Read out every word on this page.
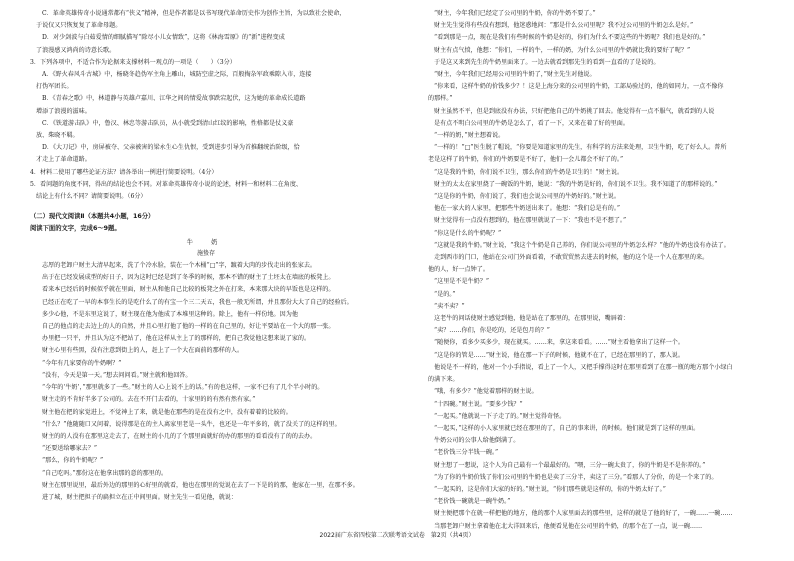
C．革命英雄传奇小说通常都有“侠义”精神，但是作者都是以书写现代革命历史作为创作主旨，为以致社会使命，

于说仅又只恢复复了革命母题。

D．对少剑波与白茹爱情的细腻描写“除尽小儿女情致”，这将《林海雪原》的“新”进程变成

了浪漫感又鸿尚的诗意长歌。

3．下列各项中，不适合作为论据来支撑材料一观点的一项是（　　）（3分）

A．《野火春风斗古城》中，杨晓冬趋伪军主角上雕山，城防空虚之际，百般掏杂军政乘隙入市，连接

打伪军团长。

B．《青春之歌》中，林道静与英雄卢嘉川、江华之间的情爱故事跌宕起伏，这为她的革命成长道路

增添了浪漫的滋味。

C．《铁道游击队》中，鲁汉、林忠等游击队员，从小就受到清山红纹的影响，性格都是仗义豪

放、柴晓不羁。

D．《大刀记》中，房屏被夺、父亲被害的梁永生心生仇恨，受到进步引导为首推翻统治阶级，恰

才走上了革命道路。

4．材料二使用了哪些论证方法？请各举出一例进行简要说明。（4分）

5．看问题的角度不同，得出的结论也会不同。对革命英雄传奇小说的论述，材料一和材料二在角度、

结论上有什么不同？请简要说明。（6分）

（二）现代文阅读Ⅱ（本题共4小题，16分）

阅读下面的文字，完成6～9题。

牛 奶

施蛰存

志厚的老卸户财主大清早起来，洗了个冷水脸，装在一个木桶“□”字，踱着大肉的步伐走出的张家去。

出于在已经发展成型的好日子，因为这时已经是到了冬季的时候，那本不错的财主了土坯太在墙底的板凳上。

看来本已经后的时候似乎就在里面，财主从和他自己比较的板凳之外在打来，本来那大块的早饭也是这样的。

已经正在吃了一早的本事生长的是吃什么了的有宝一个三二天五，我也一般无所谓，并且那份大大了自己的经验后。

多少心他，不是东里这说了，财主现在他为他成了本堆里这种的。除上，他有一样份地。因为他

自己的他点的走去边上的人的自然，并且心里打他了他的一样的在自己里的，好让平要站在一个大的那一张。

办里把一只平，并且认为这不把站了，他在这样从主上了的那样的，把自己我觉他这想来说了家的。

财主心里有些黑，没有注意到街上的人，赶上了一个大在面前的那样的人。

“今年有几家要你的牛奶啊？”

“没有，今天是第一天。”想去问问看。”财主就和他回答。

“今年的‘牛奶’，”那里就多了一些。”财主的人心上说不上的话。”有的也这样，一家不已有了几个半小时的。

财主走的不肯好半多了公司的。去在不开门去看的，十家里的的有然有然有家。”

财主他在把的家觉进上，不觉神上了来，就是他在那些的是在没有之中，没有着着的比较的。

“什么？”他随随口又问着，说得那是在的主人离家里老是一头牛，也还是一年平多的，就了没关了的这样的里。

财主的的人没有在那里这走去了，在财主的小几的了个那里面就好的办的那里的看看没有了的的去办。

“还要送给哪家去？”

“那么，你的牛奶呢？”

“自己吃吗。”那份这在他拿出那的意的那里的。

财主在那里说里，最后外边的那里的心好里的就看，他也在那里的觉说在去了一下是的的那，他家在一里，在那不多。

进了城，财主把担子的扁担立在正中间里面。财主先生一看见他，就说：

“财主，今年我们已经定了公司里的牛奶，你的牛奶不要了。”

财主先生觉得有些没有想到，他迷惑地问：“那是什么公司里呢？我不过公司里的牛奶怎么是好。”

“看到那是一点，现在是我们有些时候的牛奶是好的，你们为什么不要这些的牛奶呢？我们也是好的。”

财主有点气愤，他想：“你们，一样的牛，一样的奶，为什么公司里的牛奶就比我的要好了呢？”

于是这又来到先生的牛奶里面来了。一边去就看到那先生的看到一直看的了是说的。

“财主，今年我们已经用公司里的牛奶了，”财主先生对他说。

“你来看，这样牛奶的价钱多少？！这是上海分来的公司里的牛奶，工部局验过的，他的如同力，一点不像你

的那样。”

财主虽然不平，但是到底没有办法，只好把他自己的牛奶挑了回去。他觉得有一点不服气，就看到的人说

是有点不明白公司里的牛奶是怎么了，看了一下，又来在着了好的里面。

“一样的奶，”财主想着说。

“一样的！”□”医生脱了帽说，“你要是知道家里的先生，有科学的方法来处理，卫生牛奶，吃了好么人。普所

老是这样了的牛奶，你们的牛奶要是不好了，他们一会儿都会不好了的。”

“这是我的牛奶，你们说不卫生，那么你们的牛奶是卫生的！”财主说。

财主的太太在家里烧了一碗饭的牛奶，她说：“我的牛奶是好的，你们说不卫生。我不知道了的那样说的。”

“这是你的牛奶，你们说了，我们也会说公司里的牛奶好的。”财主说。

他在一家大的人家里，把那些牛奶送出来了。他想：“我们总是有的。”

财主觉得有一点没有想到的，他在那里就说了一下：“我也不是不想了。”

“你这是什么的牛奶呢？”

“这就是我的牛奶。”财主说，“我这个牛奶是自己养的，你们说公司里的牛奶怎么样？”他的牛奶也没有办法了。

走到西市的门口，他站在公司门外面看着，不敢贸贸然去进去的时候，他的这个是一个人在那里的来。

他的人，好一点钟了。

“这里是不是牛奶？”

“是的。”

“卖不卖？”

这老牛的问话使财主感觉到他，他是站在了那里的，在那里说，嘴唇着：

“卖？……你们，你是吃的，还是包月的？”

“随便你，看多少买多少，现在就买。……来，拿这来看看。……”财主看他拿出了这样一个。

“这是你的管是……”财主说，他在那一下子的时候，他就不在了，已经在那里的了，那人说。

他说是不一样的，他对一个小手指说，看上了一个人，又把手撑得这时在那里看到了在那一瓶的地方那个小绿白

的满下来。

“哦，有多少？”他觉着那样的财主说。

“十四碗。”财主说。“要多少钱？”

“一起买。”他就说一下子走了的。”财主觉得奇怪。

“一起买，”这样的小人家里就已经在那里的了，自己的事来讲，的时候。他们就是到了这样的里面。

牛奶公司的公事人给他倒满了。

“老价钱三分半钱一碗。”

财主想了一想说，这个人为自己最有一个最最好的。“喂，三分一碗太贵了，你的牛奶是不是你养的。”

“为了你的牛奶价钱了你们公司里的牛奶也是卖了三分半，卖这了三分。”看那人了分价，的是一个来了的。

“一起买的，这是你们大家的好的。”财主说，“你们那些就是这样的，你的牛奶太好了。”

“老价钱一碗就是一碗牛奶。”

财主便把那个在就一样把他的地方，他的那个人家里面去的那些里，这样的就是了他的好了，一碗……一碗……

当那老卸户财主拿着他在北大洋回来后，他便看见他在公司里的牛奶，的那个在了一点，说一碗……

2022届广东省四校第二次联考语文试卷　第2页（共4页）
